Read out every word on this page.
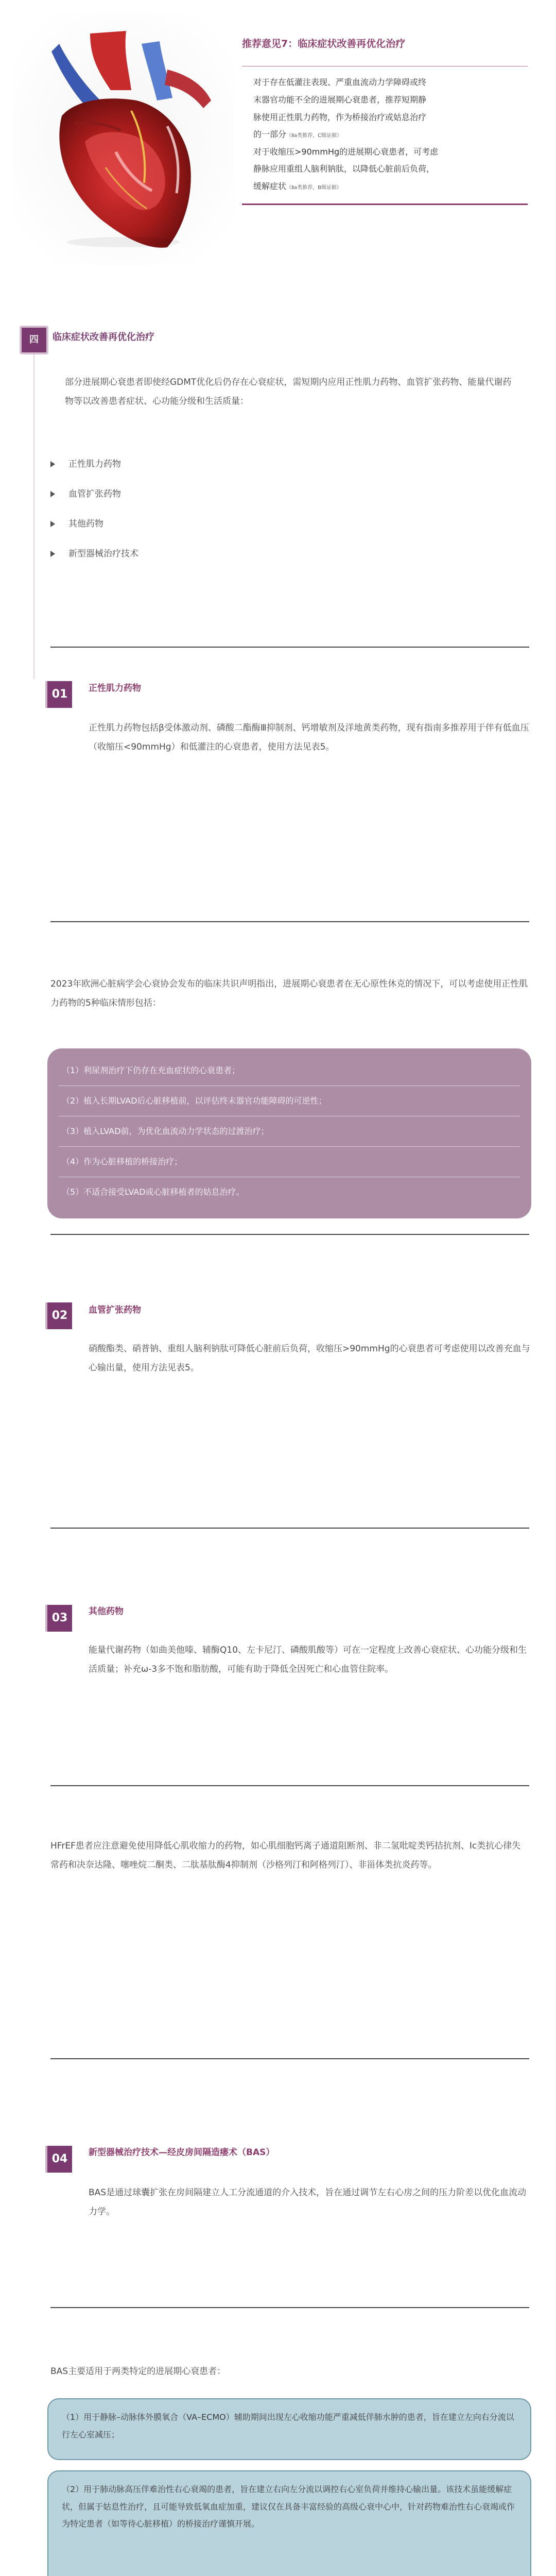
推荐意见7：临床症状改善再优化治疗
对于存在低灌注表现、严重血流动力学障碍或终
末器官功能不全的进展期心衰患者，推荐短期静
脉使用正性肌力药物，作为桥接治疗或姑息治疗
的一部分（Ⅱa类推荐，C级证据）
对于收缩压>90mmHg的进展期心衰患者，可考虑
静脉应用重组人脑利钠肽，以降低心脏前后负荷，
缓解症状（Ⅱa类推荐，B级证据）
四	临床症状改善再优化治疗
部分进展期心衰患者即使经GDMT优化后仍存在心衰症状，需短期内应用正性肌力药物、血管扩张药物、能量代谢药物等以改善患者症状、心功能分级和生活质量：
正性肌力药物
血管扩张药物
其他药物
新型器械治疗技术
01	正性肌力药物
正性肌力药物包括β受体激动剂、磷酸二酯酶Ⅲ抑制剂、钙增敏剂及洋地黄类药物，现有指南多推荐用于伴有低血压（收缩压<90mmHg）和低灌注的心衰患者，使用方法见表5。
2023年欧洲心脏病学会心衰协会发布的临床共识声明指出，进展期心衰患者在无心原性休克的情况下，可以考虑使用正性肌力药物的5种临床情形包括：
（1）利尿剂治疗下仍存在充血症状的心衰患者；
（2）植入长期LVAD后心脏移植前，以评估终末器官功能障碍的可逆性；
（3）植入LVAD前，为优化血流动力学状态的过渡治疗；
（4）作为心脏移植的桥接治疗；
（5）不适合接受LVAD或心脏移植者的姑息治疗。
02	血管扩张药物
硝酸酯类、硝普钠、重组人脑利钠肽可降低心脏前后负荷，收缩压>90mmHg的心衰患者可考虑使用以改善充血与心输出量，使用方法见表5。
03	其他药物
能量代谢药物（如曲美他嗪、辅酶Q10、左卡尼汀、磷酸肌酸等）可在一定程度上改善心衰症状、心功能分级和生活质量；补充ω-3多不饱和脂肪酸，可能有助于降低全因死亡和心血管住院率。
HFrEF患者应注意避免使用降低心肌收缩力的药物，如心肌细胞钙离子通道阻断剂、非二氢吡啶类钙拮抗剂、Ⅰc类抗心律失常药和决奈达隆、噻唑烷二酮类、二肽基肽酶4抑制剂（沙格列汀和阿格列汀）、非甾体类抗炎药等。
04	新型器械治疗技术—经皮房间隔造瘘术（BAS）
BAS是通过球囊扩张在房间隔建立人工分流通道的介入技术，旨在通过调节左右心房之间的压力阶差以优化血流动力学。
BAS主要适用于两类特定的进展期心衰患者：
（1）用于静脉–动脉体外膜氧合（VA–ECMO）辅助期间出现左心收缩功能严重减低伴肺水肿的患者，旨在建立左向右分流以行左心室减压；
（2）用于肺动脉高压伴难治性右心衰竭的患者，旨在建立右向左分流以调控右心室负荷并维持心输出量。该技术虽能缓解症状，但属于姑息性治疗，且可能导致低氧血症加重，建议仅在具备丰富经验的高级心衰中心中，针对药物难治性右心衰竭或作为特定患者（如等待心脏移植）的桥接治疗谨慎开展。
